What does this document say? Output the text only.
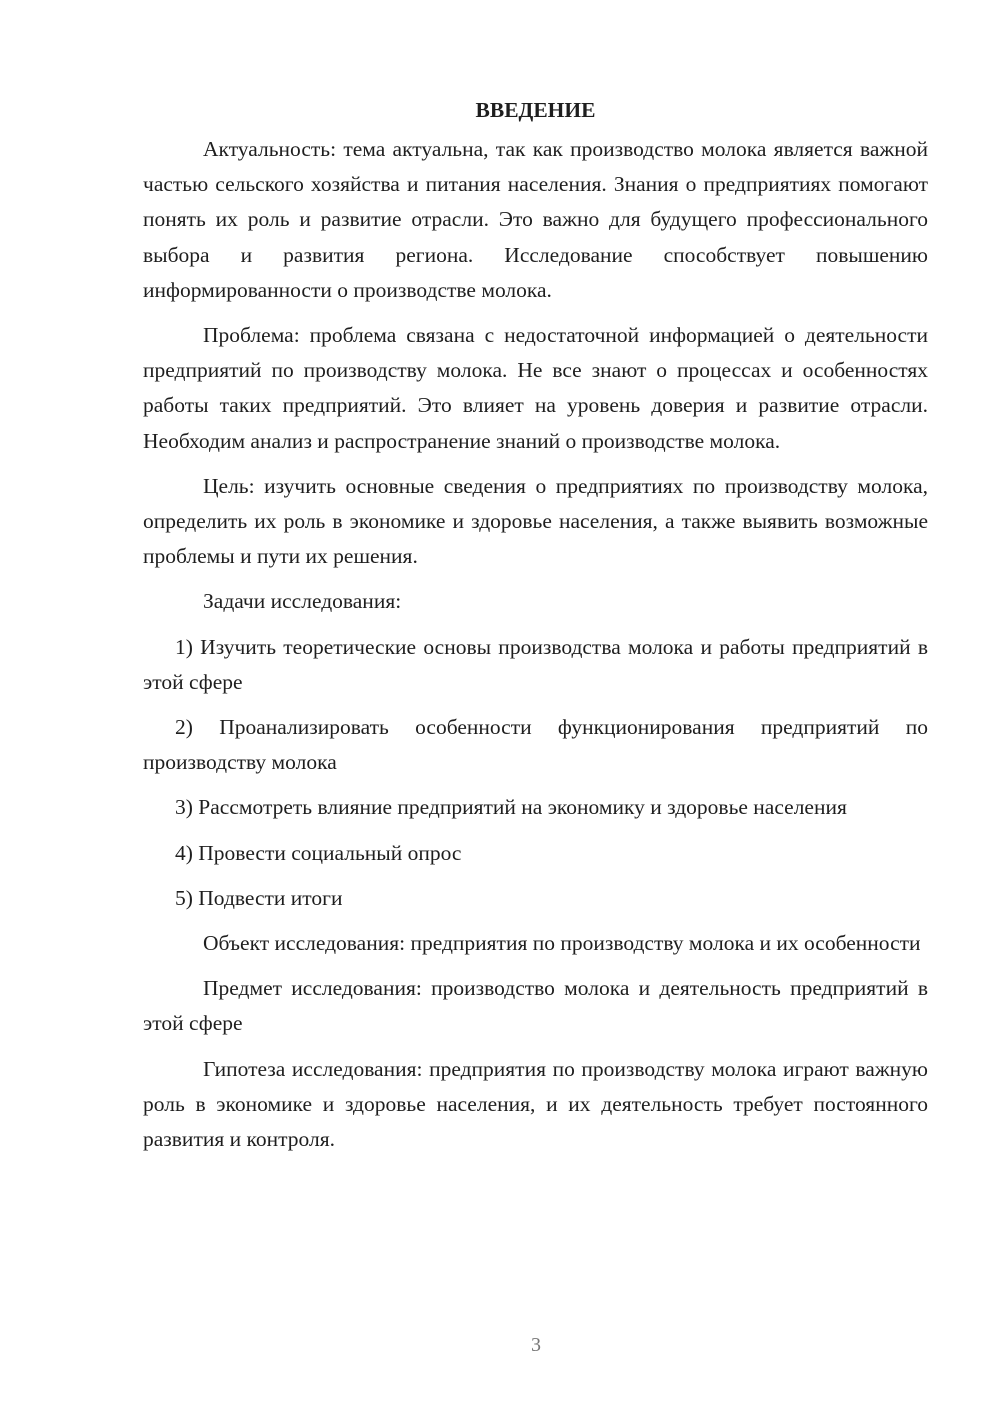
ВВЕДЕНИЕ

Актуальность: тема актуальна, так как производство молока является важной частью сельского хозяйства и питания населения. Знания о предприятиях помогают понять их роль и развитие отрасли. Это важно для будущего профессионального выбора и развития региона. Исследование способствует повышению информированности о производстве молока.

Проблема: проблема связана с недостаточной информацией о деятельности предприятий по производству молока. Не все знают о процессах и особенностях работы таких предприятий. Это влияет на уровень доверия и развитие отрасли. Необходим анализ и распространение знаний о производстве молока.

Цель: изучить основные сведения о предприятиях по производству молока, определить их роль в экономике и здоровье населения, а также выявить возможные проблемы и пути их решения.

Задачи исследования:

1) Изучить теоретические основы производства молока и работы предприятий в этой сфере

2) Проанализировать особенности функционирования предприятий по производству молока

3) Рассмотреть влияние предприятий на экономику и здоровье населения

4) Провести социальный опрос

5) Подвести итоги

Объект исследования: предприятия по производству молока и их особенности

Предмет исследования: производство молока и деятельность предприятий в этой сфере

Гипотеза исследования: предприятия по производству молока играют важную роль в экономике и здоровье населения, и их деятельность требует постоянного развития и контроля.

3
